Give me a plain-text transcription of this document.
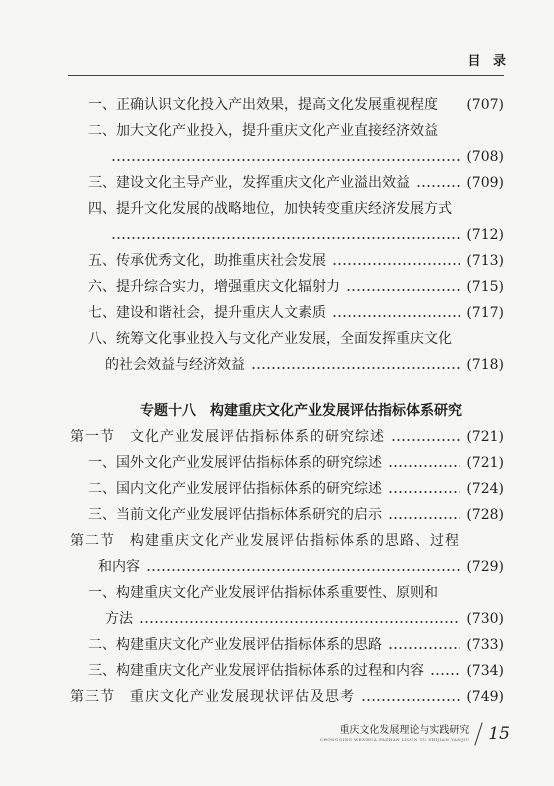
目 录
一、正确认识文化投入产出效果，提高文化发展重视程度 (707)
二、加大文化产业投入，提升重庆文化产业直接经济效益
(708)
三、建设文化主导产业，发挥重庆文化产业溢出效益	(709)
四、提升文化发展的战略地位，加快转变重庆经济发展方式
(712)
五、传承优秀文化，助推重庆社会发展	(713)
六、提升综合实力，增强重庆文化辐射力	(715)
七、建设和谐社会，提升重庆人文素质	(717)
八、统筹文化事业投入与文化产业发展，全面发挥重庆文化
的社会效益与经济效益	(718)
专题十八　构建重庆文化产业发展评估指标体系研究
第一节　文化产业发展评估指标体系的研究综述	(721)
一、国外文化产业发展评估指标体系的研究综述	(721)
二、国内文化产业发展评估指标体系的研究综述	(724)
三、当前文化产业发展评估指标体系研究的启示	(728)
第二节　构建重庆文化产业发展评估指标体系的思路、过程
和内容	(729)
一、构建重庆文化产业发展评估指标体系重要性、原则和
方法	(730)
二、构建重庆文化产业发展评估指标体系的思路	(733)
三、构建重庆文化产业发展评估指标体系的过程和内容	(734)
第三节　重庆文化产业发展现状评估及思考	(749)
重庆文化发展理论与实践研究
CHONGQING WENHUA FAZHAN LILUN YU SHIJIAN YANJIU 15
